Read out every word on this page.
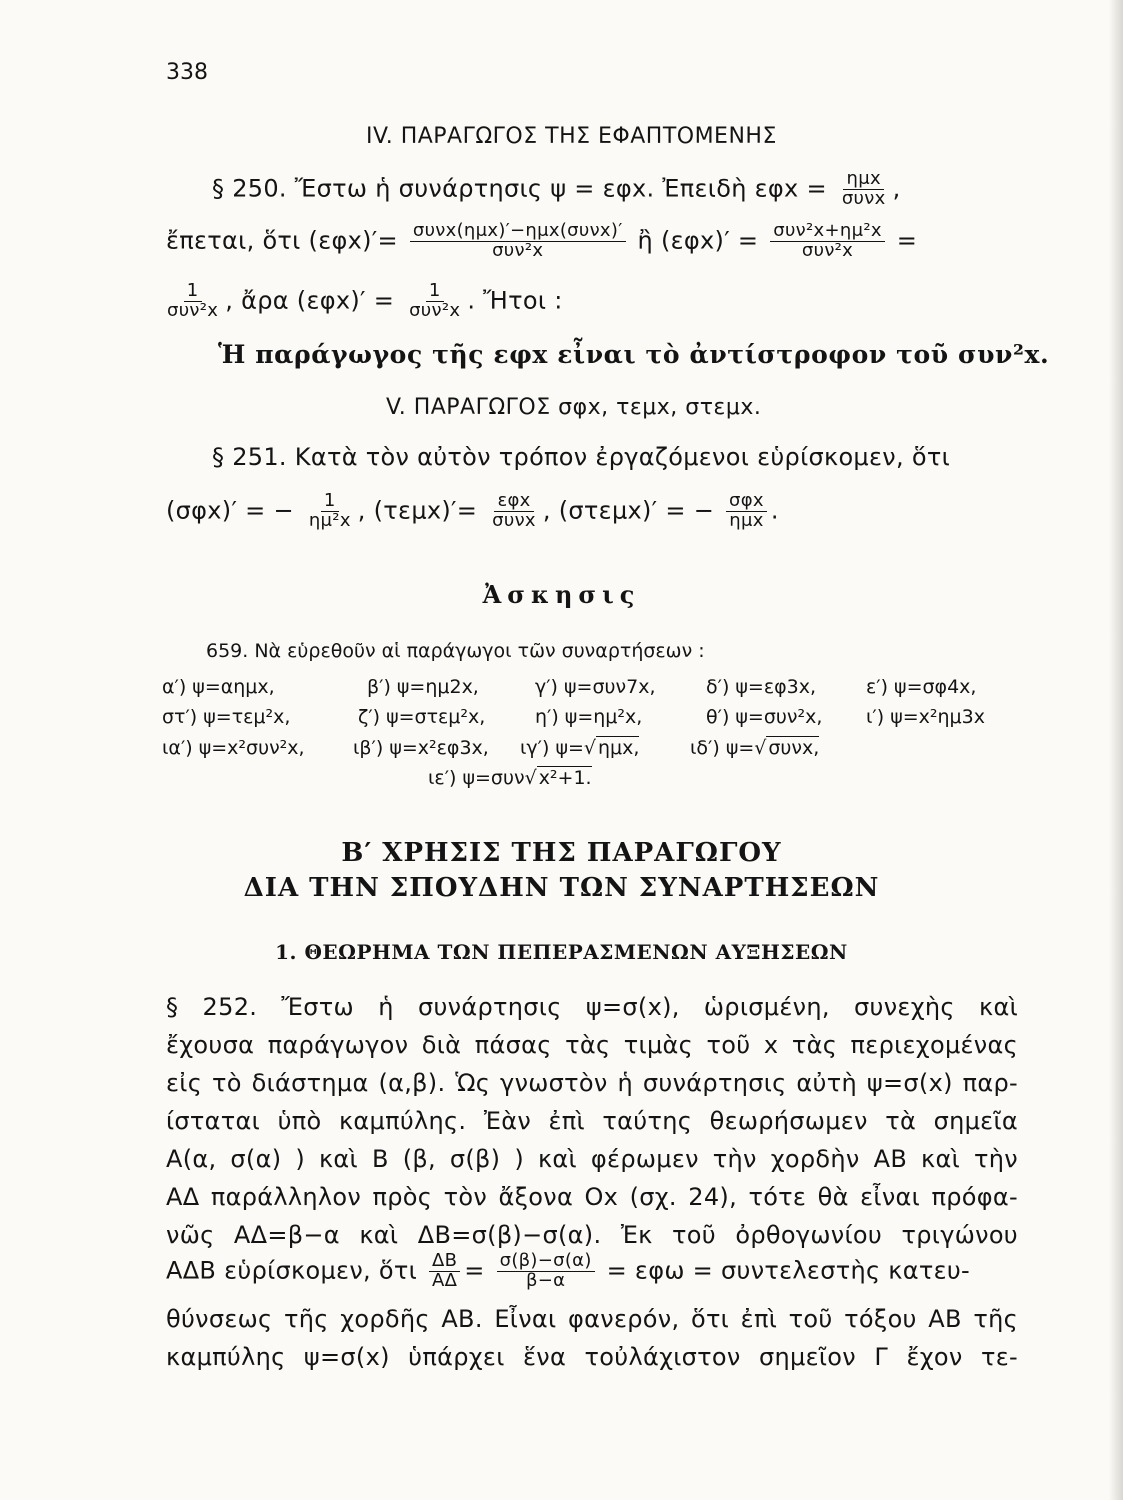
338
IV. ΠΑΡΑΓΩΓΟΣ ΤΗΣ ΕΦΑΠΤΟΜΕΝΗΣ
§ 250. Ἔστω ἡ συνάρτησις ψ = εφx. Ἐπειδὴ $\varepsilon\varphi x = \frac{\text{ημx}}{\text{συνx}}$ ,
ἔπεται, ὅτι $(\varepsilon\varphi x)'= \frac{\text{συνx(ημx)′−ημx(συνx)′}}{\text{συν²x}}$ ἢ $(\varepsilon\varphi x)' = \frac{\text{συν²x+ημ²x}}{\text{συν²x}}$ =
$\frac{1}{\text{συν²x}}$ , ἄρα $(\varepsilon\varphi x)' = \frac{1}{\text{συν²x}}$ . Ἤτοι :
Ἡ παράγωγος τῆς εφx εἶναι τὸ ἀντίστροφον τοῦ συν²x.
V. ΠΑΡΑΓΩΓΟΣ σφx, τεμx, στεμx.
§ 251. Κατὰ τὸν αὐτὸν τρόπον ἐργαζόμενοι εὑρίσκομεν, ὅτι
(σφx)′ = − $\frac{1}{\text{ημ²x}}$ , $(\tau\varepsilon\mu x)'= \frac{\text{εφx}}{\text{συνx}}$ , (στεμx)′ = − $\frac{\text{σφx}}{\text{ημx}}$ .
Ἀσκησις
659. Νὰ εὑρεθοῦν αἱ παράγωγοι τῶν συναρτήσεων :
α′) ψ=αημx,	β′) ψ=ημ2x,	γ′) ψ=συν7x,	δ′) ψ=εφ3x,	ε′) ψ=σφ4x,
στ′) ψ=τεμ²x,	ζ′) ψ=στεμ²x,	η′) ψ=ημ²x,	θ′) ψ=συν²x, ι′) ψ=x²ημ3x
ια′) ψ=x²συν²x,	ιβ′) ψ=x²εφ3x, ιγ′) ψ=√ ημx,	ιδ′) ψ=√ συνx,
ιε′) ψ=συν√ x²+1.
Β′ ΧΡΗΣΙΣ ΤΗΣ ΠΑΡΑΓΩΓΟΥ
ΔΙΑ ΤΗΝ ΣΠΟΥΔΗΝ ΤΩΝ ΣΥΝΑΡΤΗΣΕΩΝ
1. ΘΕΩΡΗΜΑ ΤΩΝ ΠΕΠΕΡΑΣΜΕΝΩΝ ΑΥΞΗΣΕΩΝ
§ 252. Ἔστω ἡ συνάρτησις ψ=σ(x), ὡρισμένη, συνεχὴς καὶ
ἔχουσα παράγωγον διὰ πάσας τὰς τιμὰς τοῦ x τὰς περιεχομένας
εἰς τὸ διάστημα (α,β). Ὡς γνωστὸν ἡ συνάρτησις αὐτὴ ψ=σ(x) παρ-
ίσταται ὑπὸ καμπύλης. Ἐὰν ἐπὶ ταύτης θεωρήσωμεν τὰ σημεῖα
Α(α, σ(α) ) καὶ Β (β, σ(β) ) καὶ φέρωμεν τὴν χορδὴν ΑΒ καὶ τὴν
ΑΔ παράλληλον πρὸς τὸν ἄξονα Ox (σχ. 24), τότε θὰ εἶναι πρόφα-
νῶς ΑΔ=β−α καὶ ΔΒ=σ(β)−σ(α). Ἐκ τοῦ ὀρθογωνίου τριγώνου
ΑΔΒ εὑρίσκομεν, ὅτι $\frac{\Delta B}{A\Delta} = \frac{\sigma(\beta)-\sigma(\alpha)}{\beta-\alpha} = \varepsilon\varphi\omega$ = συντελεστὴς κατευ-
θύνσεως τῆς χορδῆς ΑΒ. Εἶναι φανερόν, ὅτι ἐπὶ τοῦ τόξου ΑΒ τῆς
καμπύλης ψ=σ(x) ὑπάρχει ἕνα τοὐλάχιστον σημεῖον Γ ἔχον τε-
